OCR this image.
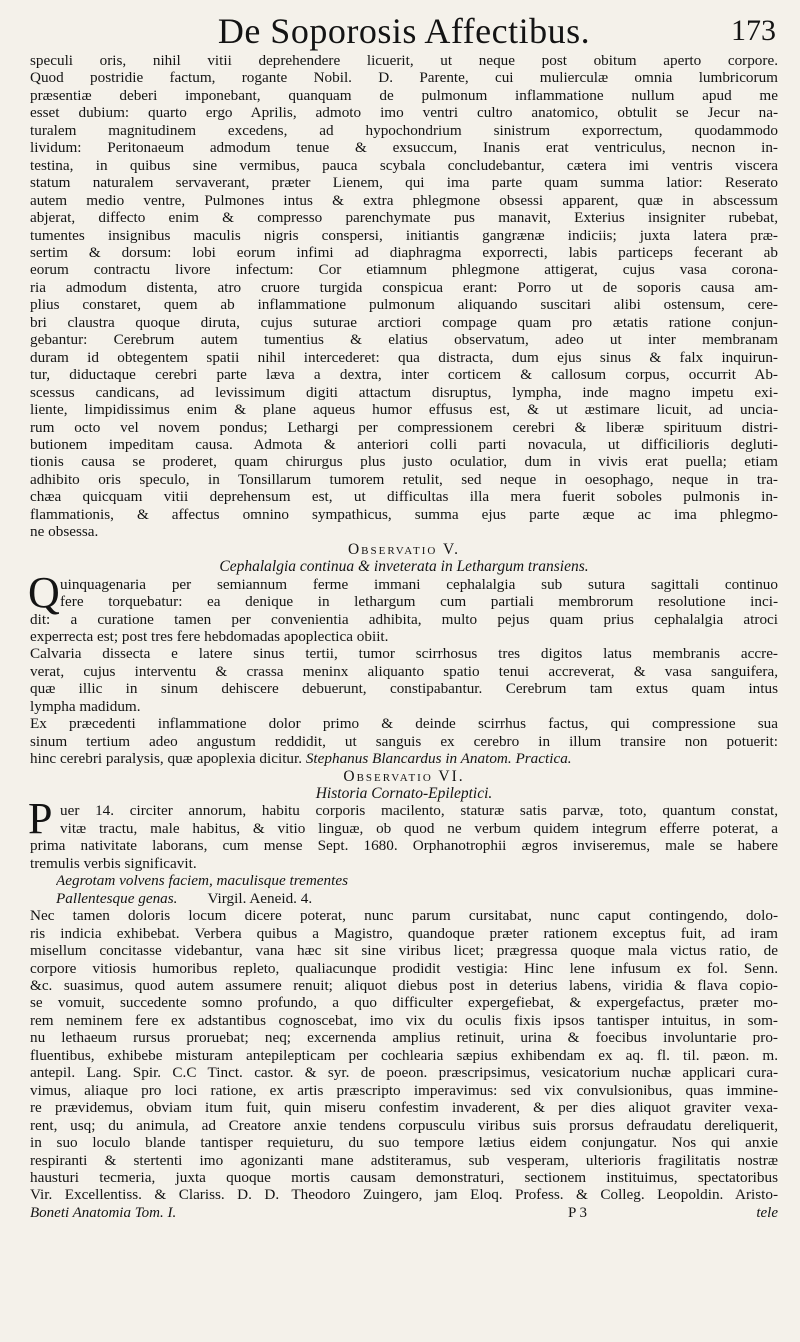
De Soporosis Affectibus.	173
speculi oris, nihil vitii deprehendere licuerit, ut neque post obitum aperto corpore.
Quod postridie factum, rogante Nobil. D. Parente, cui mulierculæ omnia lumbricorum
præsentiæ deberi imponebant, quanquam de pulmonum inflammatione nullum apud me
esset dubium: quarto ergo Aprilis, admoto imo ventri cultro anatomico, obtulit se Jecur na-
turalem magnitudinem excedens, ad hypochondrium sinistrum exporrectum, quodammodo
lividum: Peritonaeum admodum tenue & exsuccum, Inanis erat ventriculus, necnon in-
testina, in quibus sine vermibus, pauca scybala concludebantur, cætera imi ventris viscera
statum naturalem servaverant, præter Lienem, qui ima parte quam summa latior: Reserato
autem medio ventre, Pulmones intus & extra phlegmone obsessi apparent, quæ in abscessum
abjerat, diffecto enim & compresso parenchymate pus manavit, Exterius insigniter rubebat,
tumentes insignibus maculis nigris conspersi, initiantis gangrænæ indiciis; juxta latera præ-
sertim & dorsum: lobi eorum infimi ad diaphragma exporrecti, labis particeps fecerant ab
eorum contractu livore infectum: Cor etiamnum phlegmone attigerat, cujus vasa corona-
ria admodum distenta, atro cruore turgida conspicua erant: Porro ut de soporis causa am-
plius constaret, quem ab inflammatione pulmonum aliquando suscitari alibi ostensum, cere-
bri claustra quoque diruta, cujus suturae arctiori compage quam pro ætatis ratione conjun-
gebantur: Cerebrum autem tumentius & elatius observatum, adeo ut inter membranam
duram id obtegentem spatii nihil intercederet: qua distracta, dum ejus sinus & falx inquirun-
tur, diductaque cerebri parte læva a dextra, inter corticem & callosum corpus, occurrit Ab-
scessus candicans, ad levissimum digiti attactum disruptus, lympha, inde magno impetu exi-
liente, limpidissimus enim & plane aqueus humor effusus est, & ut æstimare licuit, ad uncia-
rum octo vel novem pondus; Lethargi per compressionem cerebri & liberæ spirituum distri-
butionem impeditam causa. Admota & anteriori colli parti novacula, ut difficilioris degluti-
tionis causa se proderet, quam chirurgus plus justo oculatior, dum in vivis erat puella; etiam
adhibito oris speculo, in Tonsillarum tumorem retulit, sed neque in oesophago, neque in tra-
chæa quicquam vitii deprehensum est, ut difficultas illa mera fuerit soboles pulmonis in-
flammationis, & affectus omnino sympathicus, summa ejus parte æque ac ima phlegmo-
ne obsessa.
Observatio V.
Cephalalgia continua & inveterata in Lethargum transiens.
Q uinquagenaria per semiannum ferme immani cephalalgia sub sutura sagittali continuo
fere torquebatur: ea denique in lethargum cum partiali membrorum resolutione inci-
dit: a curatione tamen per convenientia adhibita, multo pejus quam prius cephalalgia atroci
experrecta est; post tres fere hebdomadas apoplectica obiit.
Calvaria dissecta e latere sinus tertii, tumor scirrhosus tres digitos latus membranis accre-
verat, cujus interventu & crassa meninx aliquanto spatio tenui accreverat, & vasa sanguifera,
quæ illic in sinum dehiscere debuerunt, constipabantur. Cerebrum tam extus quam intus
lympha madidum.
Ex præcedenti inflammatione dolor primo & deinde scirrhus factus, qui compressione sua
sinum tertium adeo angustum reddidit, ut sanguis ex cerebro in illum transire non potuerit:
hinc cerebri paralysis, quæ apoplexia dicitur. Stephanus Blancardus in Anatom. Practica.
Observatio VI.
Historia Cornato-Epileptici.
P uer 14. circiter annorum, habitu corporis macilento, staturæ satis parvæ, toto, quantum constat,
vitæ tractu, male habitus, & vitio linguæ, ob quod ne verbum quidem integrum efferre poterat, a
prima nativitate laborans, cum mense Sept. 1680. Orphanotrophii ægros inviseremus, male se habere
tremulis verbis significavit.
Aegrotam volvens faciem, maculisque trementes
Pallentesque genas. Virgil. Aeneid. 4.
Nec tamen doloris locum dicere poterat, nunc parum cursitabat, nunc caput contingendo, dolo-
ris indicia exhibebat. Verbera quibus a Magistro, quandoque præter rationem exceptus fuit, ad iram
misellum concitasse videbantur, vana hæc sit sine viribus licet; prægressa quoque mala victus ratio, de
corpore vitiosis humoribus repleto, qualiacunque prodidit vestigia: Hinc lene infusum ex fol. Senn.
&c. suasimus, quod autem assumere renuit; aliquot diebus post in deterius labens, viridia & flava copio-
se vomuit, succedente somno profundo, a quo difficulter expergefiebat, & expergefactus, præter mo-
rem neminem fere ex adstantibus cognoscebat, imo vix du oculis fixis ipsos tantisper intuitus, in som-
nu lethaeum rursus proruebat; neq; excernenda amplius retinuit, urina & foecibus involuntarie pro-
fluentibus, exhibebe misturam antepilepticam per cochlearia sæpius exhibendam ex aq. fl. til. pæon. m.
antepil. Lang. Spir. C.C Tinct. castor. & syr. de poeon. præscripsimus, vesicatorium nuchæ applicari cura-
vimus, aliaque pro loci ratione, ex artis præscripto imperavimus: sed vix convulsionibus, quas immine-
re prævidemus, obviam itum fuit, quin miseru confestim invaderent, & per dies aliquot graviter vexa-
rent, usq; du animula, ad Creatore anxie tendens corpusculu viribus suis prorsus defraudatu dereliquerit,
in suo loculo blande tantisper requieturu, du suo tempore lætius eidem conjungatur. Nos qui anxie
respiranti & stertenti imo agonizanti mane adstiteramus, sub vesperam, ulterioris fragilitatis nostræ
hausturi tecmeria, juxta quoque mortis causam demonstraturi, sectionem instituimus, spectatoribus
Vir. Excellentiss. & Clariss. D. D. Theodoro Zuingero, jam Eloq. Profess. & Colleg. Leopoldin. Aristo-
Boneti Anatomia Tom. I.	P 3	tele
